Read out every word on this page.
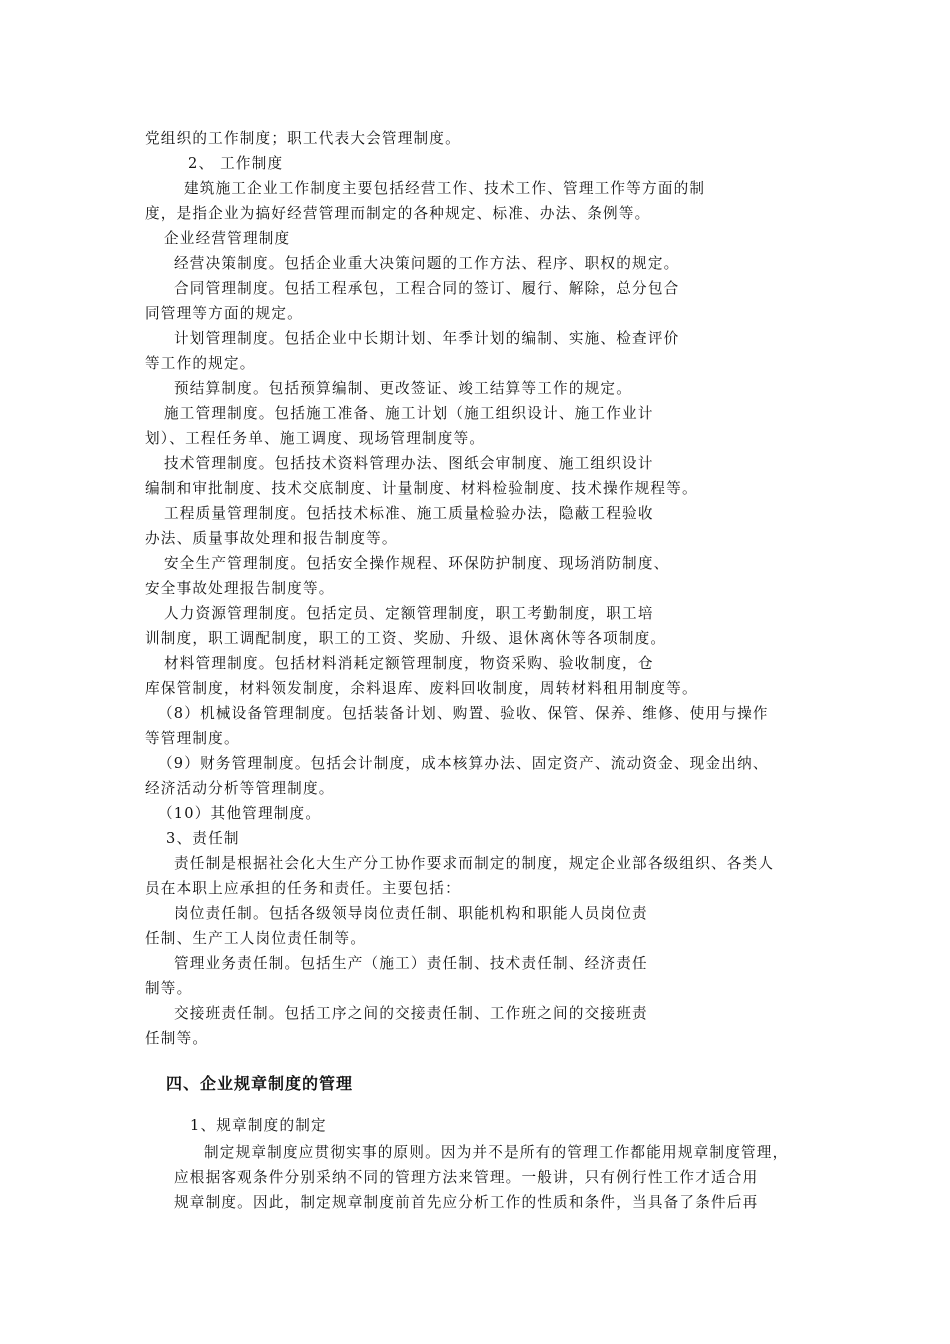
党组织的工作制度；职工代表大会管理制度。
2、 工作制度
建筑施工企业工作制度主要包括经营工作、技术工作、管理工作等方面的制
度，是指企业为搞好经营管理而制定的各种规定、标准、办法、条例等。
企业经营管理制度
经营决策制度。包括企业重大决策问题的工作方法、程序、职权的规定。
合同管理制度。包括工程承包，工程合同的签订、履行、解除，总分包合
同管理等方面的规定。
计划管理制度。包括企业中长期计划、年季计划的编制、实施、检查评价
等工作的规定。
预结算制度。包括预算编制、更改签证、竣工结算等工作的规定。
施工管理制度。包括施工准备、施工计划（施工组织设计、施工作业计
划）、工程任务单、施工调度、现场管理制度等。
技术管理制度。包括技术资料管理办法、图纸会审制度、施工组织设计
编制和审批制度、技术交底制度、计量制度、材料检验制度、技术操作规程等。
工程质量管理制度。包括技术标准、施工质量检验办法，隐蔽工程验收
办法、质量事故处理和报告制度等。
安全生产管理制度。包括安全操作规程、环保防护制度、现场消防制度、
安全事故处理报告制度等。
人力资源管理制度。包括定员、定额管理制度，职工考勤制度，职工培
训制度，职工调配制度，职工的工资、奖励、升级、退休离休等各项制度。
材料管理制度。包括材料消耗定额管理制度，物资采购、验收制度，仓
库保管制度，材料领发制度，余料退库、废料回收制度，周转材料租用制度等。
（8）机械设备管理制度。包括装备计划、购置、验收、保管、保养、维修、使用与操作
等管理制度。
（9）财务管理制度。包括会计制度，成本核算办法、固定资产、流动资金、现金出纳、
经济活动分析等管理制度。
（10）其他管理制度。
3、责任制
责任制是根据社会化大生产分工协作要求而制定的制度，规定企业部各级组织、各类人
员在本职上应承担的任务和责任。主要包括：
岗位责任制。包括各级领导岗位责任制、职能机构和职能人员岗位责
任制、生产工人岗位责任制等。
管理业务责任制。包括生产（施工）责任制、技术责任制、经济责任
制等。
交接班责任制。包括工序之间的交接责任制、工作班之间的交接班责
任制等。
四、企业规章制度的管理
1、规章制度的制定
制定规章制度应贯彻实事的原则。因为并不是所有的管理工作都能用规章制度管理，
应根据客观条件分别采纳不同的管理方法来管理。一般讲，只有例行性工作才适合用
规章制度。因此，制定规章制度前首先应分析工作的性质和条件，当具备了条件后再
